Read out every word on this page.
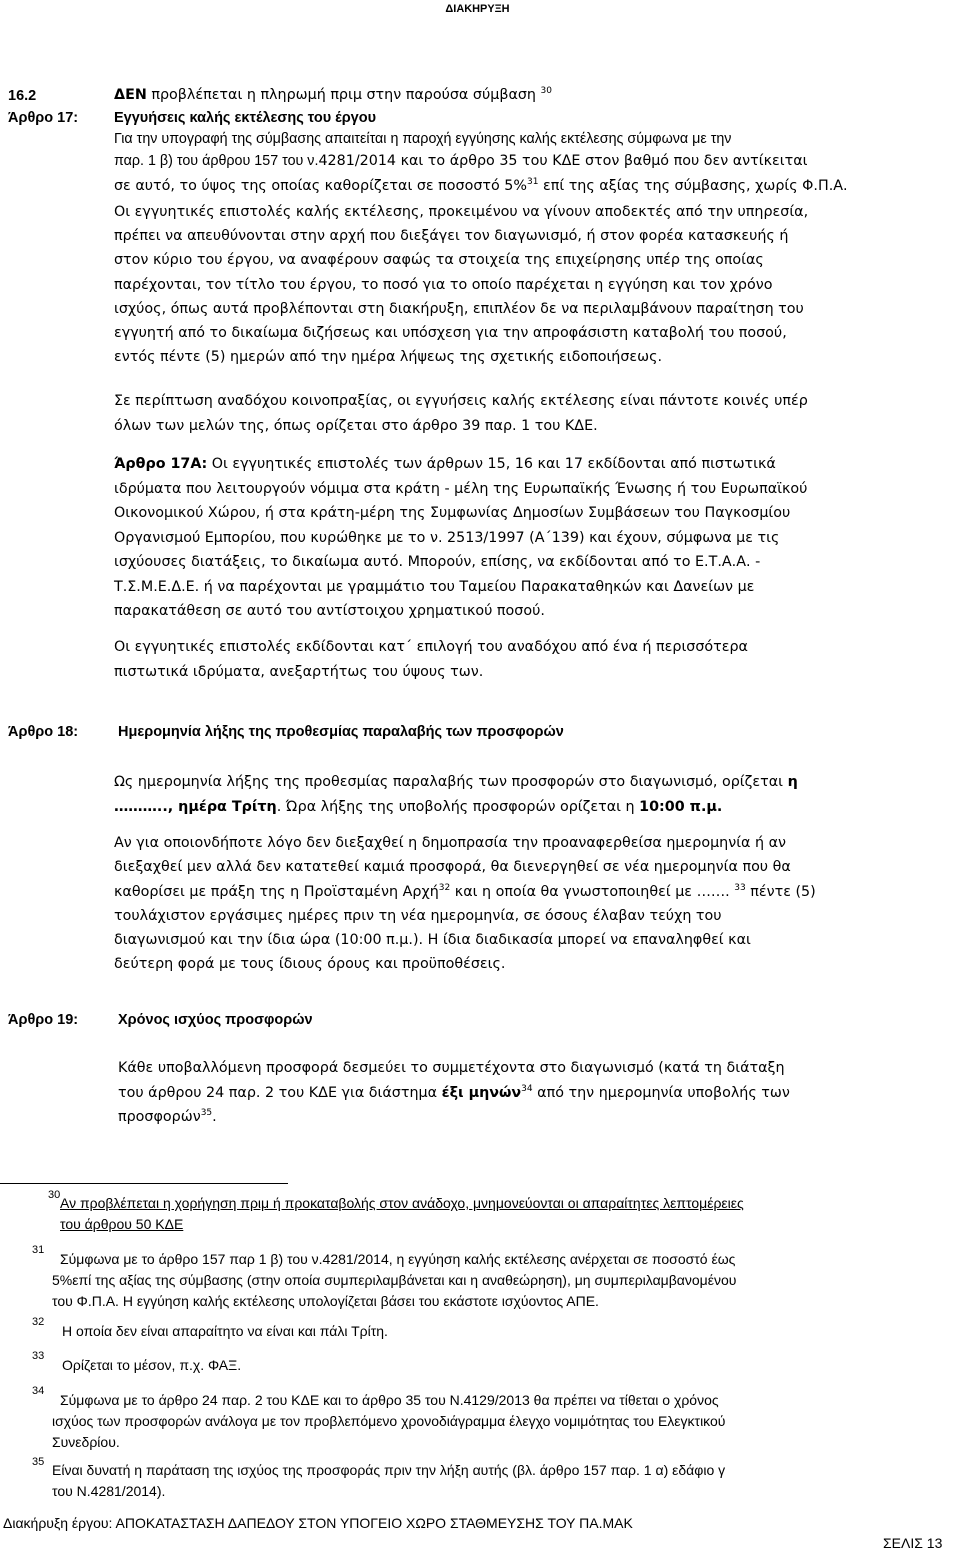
ΔΙΑΚΗΡΥΞΗ
16.2	ΔΕΝ προβλέπεται η πληρωμή πριμ στην παρούσα σύμβαση $^{30}$
Άρθρο 17: Εγγυήσεις καλής εκτέλεσης του έργου
Για την υπογραφή της σύμβασης απαιτείται η παροχή εγγύησης καλής εκτέλεσης σύμφωνα με την
παρ. 1 β) του άρθρου 157 του ν.4281/2014 και το άρθρο 35 του ΚΔΕ στον βαθμό που δεν αντίκειται
σε αυτό, το ύψος της οποίας καθορίζεται σε ποσοστό 5%$^{31}$ επί της αξίας της σύμβασης, χωρίς Φ.Π.Α.
Οι εγγυητικές επιστολές καλής εκτέλεσης, προκειμένου να γίνουν αποδεκτές από την υπηρεσία,
πρέπει να απευθύνονται στην αρχή που διεξάγει τον διαγωνισμό, ή στον φορέα κατασκευής ή
στον κύριο του έργου, να αναφέρουν σαφώς τα στοιχεία της επιχείρησης υπέρ της οποίας
παρέχονται, τον τίτλο του έργου, το ποσό για το οποίο παρέχεται η εγγύηση και τον χρόνο
ισχύος, όπως αυτά προβλέπονται στη διακήρυξη, επιπλέον δε να περιλαμβάνουν παραίτηση του
εγγυητή από το δικαίωμα διζήσεως και υπόσχεση για την απροφάσιστη καταβολή του ποσού,
εντός πέντε (5) ημερών από την ημέρα λήψεως της σχετικής ειδοποιήσεως.
Σε περίπτωση αναδόχου κοινοπραξίας, οι εγγυήσεις καλής εκτέλεσης είναι πάντοτε κοινές υπέρ
όλων των μελών της, όπως ορίζεται στο άρθρο 39 παρ. 1 του ΚΔΕ.
Άρθρο 17Α: Οι εγγυητικές επιστολές των άρθρων 15, 16 και 17 εκδίδονται από πιστωτικά
ιδρύματα που λειτουργούν νόμιμα στα κράτη - μέλη της Ευρωπαϊκής Ένωσης ή του Ευρωπαϊκού
Οικονομικού Χώρου, ή στα κράτη-μέρη της Συμφωνίας Δημοσίων Συμβάσεων του Παγκοσμίου
Οργανισμού Εμπορίου, που κυρώθηκε με το ν. 2513/1997 (Α΄139) και έχουν, σύμφωνα με τις
ισχύουσες διατάξεις, το δικαίωμα αυτό. Μπορούν, επίσης, να εκδίδονται από το Ε.Τ.Α.Α. -
Τ.Σ.Μ.Ε.Δ.Ε. ή να παρέχονται με γραμμάτιο του Ταμείου Παρακαταθηκών και Δανείων με
παρακατάθεση σε αυτό του αντίστοιχου χρηματικού ποσού.
Οι εγγυητικές επιστολές εκδίδονται κατ΄ επιλογή του αναδόχου από ένα ή περισσότερα
πιστωτικά ιδρύματα, ανεξαρτήτως του ύψους των.
Άρθρο 18:	Ημερομηνία λήξης της προθεσμίας παραλαβής των προσφορών
Ως ημερομηνία λήξης της προθεσμίας παραλαβής των προσφορών στο διαγωνισμό, ορίζεται η
……….., ημέρα Τρίτη. Ώρα λήξης της υποβολής προσφορών ορίζεται η 10:00 π.μ.
Αν για οποιονδήποτε λόγο δεν διεξαχθεί η δημοπρασία την προαναφερθείσα ημερομηνία ή αν
διεξαχθεί μεν αλλά δεν κατατεθεί καμιά προσφορά, θα διενεργηθεί σε νέα ημερομηνία που θα
καθορίσει με πράξη της η Προϊσταμένη Αρχή$^{32}$ και η οποία θα γνωστοποιηθεί με ……. $^{33}$ πέντε (5)
τουλάχιστον εργάσιμες ημέρες πριν τη νέα ημερομηνία, σε όσους έλαβαν τεύχη του
διαγωνισμού και την ίδια ώρα (10:00 π.μ.). Η ίδια διαδικασία μπορεί να επαναληφθεί και
δεύτερη φορά με τους ίδιους όρους και προϋποθέσεις.
Άρθρο 19:	Χρόνος ισχύος προσφορών
Κάθε υποβαλλόμενη προσφορά δεσμεύει το συμμετέχοντα στο διαγωνισμό (κατά τη διάταξη
του άρθρου 24 παρ. 2 του ΚΔΕ για διάστημα έξι μηνών$^{34}$ από την ημερομηνία υποβολής των
προσφορών$^{35}$.
30 Αν προβλέπεται η χορήγηση πριμ ή προκαταβολής στον ανάδοχο, μνημονεύονται οι απαραίτητες λεπτομέρειες
του άρθρου 50 ΚΔΕ
31
Σύμφωνα με το άρθρο 157 παρ 1 β) του ν.4281/2014, η εγγύηση καλής εκτέλεσης ανέρχεται σε ποσοστό έως
5%επί της αξίας της σύμβασης (στην οποία συμπεριλαμβάνεται και η αναθεώρηση), μη συμπεριλαμβανομένου
του Φ.Π.Α. Η εγγύηση καλής εκτέλεσης υπολογίζεται βάσει του εκάστοτε ισχύοντος ΑΠΕ.
32
Η οποία δεν είναι απαραίτητο να είναι και πάλι Τρίτη.
33
Ορίζεται το μέσον, π.χ. ΦΑΞ.
34
Σύμφωνα με το άρθρο 24 παρ. 2 του ΚΔΕ και το άρθρο 35 του Ν.4129/2013 θα πρέπει να τίθεται ο χρόνος
ισχύος των προσφορών ανάλογα με τον προβλεπόμενο χρονοδιάγραμμα έλεγχο νομιμότητας του Ελεγκτικού
Συνεδρίου.
35 Είναι δυνατή η παράταση της ισχύος της προσφοράς πριν την λήξη αυτής (βλ. άρθρο 157 παρ. 1 α) εδάφιο γ
του Ν.4281/2014).
Διακήρυξη έργου: ΑΠΟΚΑΤΑΣΤΑΣΗ ΔΑΠΕΔΟΥ ΣΤΟΝ ΥΠΟΓΕΙΟ ΧΩΡΟ ΣΤΑΘΜΕΥΣΗΣ ΤΟΥ ΠΑ.ΜΑΚ
ΣΕΛΙΣ 13
